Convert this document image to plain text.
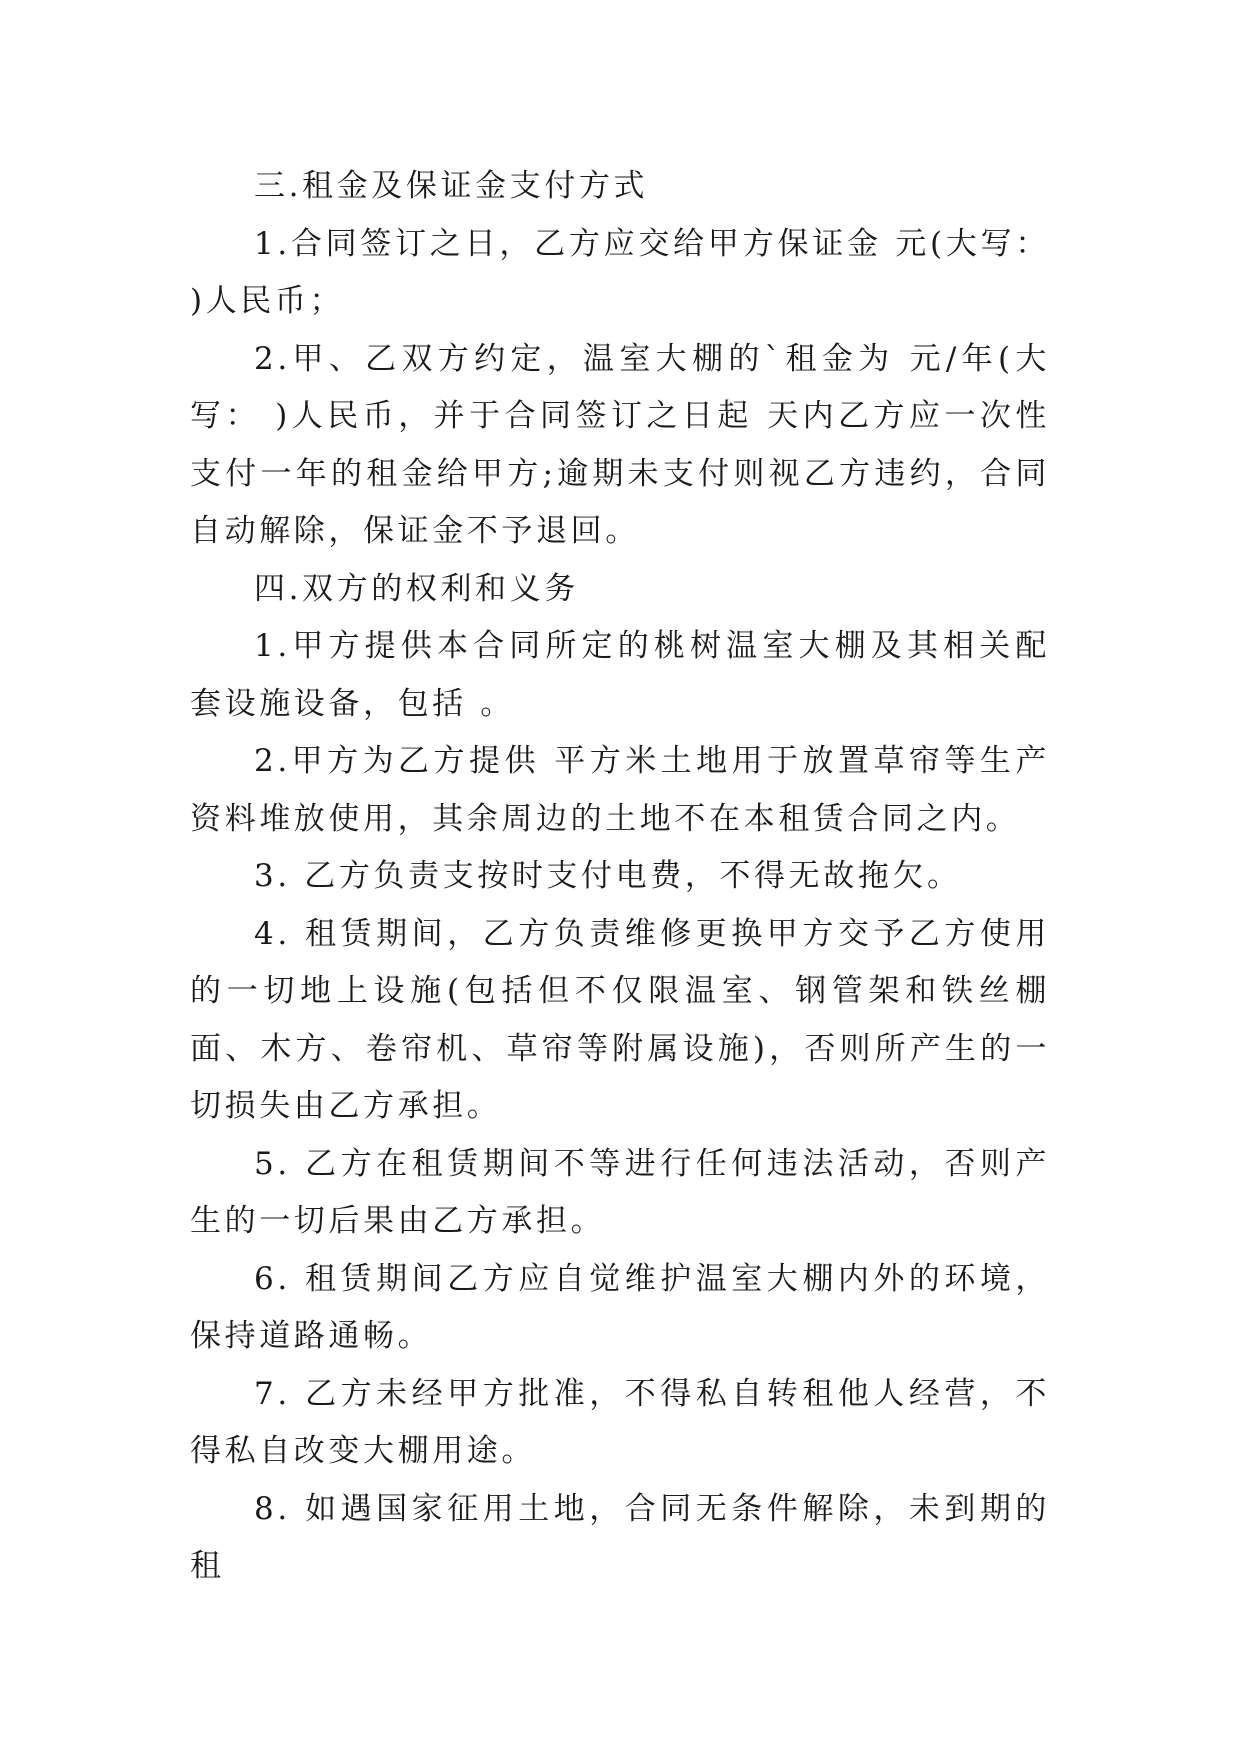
三.租金及保证金支付方式

1.合同签订之日，乙方应交给甲方保证金 元(大写： )人民币；

2.甲、乙双方约定，温室大棚的`租金为 元/年(大写： )人民币，并于合同签订之日起 天内乙方应一次性支付一年的租金给甲方;逾期未支付则视乙方违约，合同自动解除，保证金不予退回。

四.双方的权利和义务

1.甲方提供本合同所定的桃树温室大棚及其相关配套设施设备，包括 。

2.甲方为乙方提供 平方米土地用于放置草帘等生产资料堆放使用，其余周边的土地不在本租赁合同之内。

3. 乙方负责支按时支付电费，不得无故拖欠。

4. 租赁期间，乙方负责维修更换甲方交予乙方使用的一切地上设施(包括但不仅限温室、钢管架和铁丝棚面、木方、卷帘机、草帘等附属设施)，否则所产生的一切损失由乙方承担。

5. 乙方在租赁期间不等进行任何违法活动，否则产生的一切后果由乙方承担。

6. 租赁期间乙方应自觉维护温室大棚内外的环境，保持道路通畅。

7. 乙方未经甲方批准，不得私自转租他人经营，不得私自改变大棚用途。

8. 如遇国家征用土地，合同无条件解除，未到期的租
